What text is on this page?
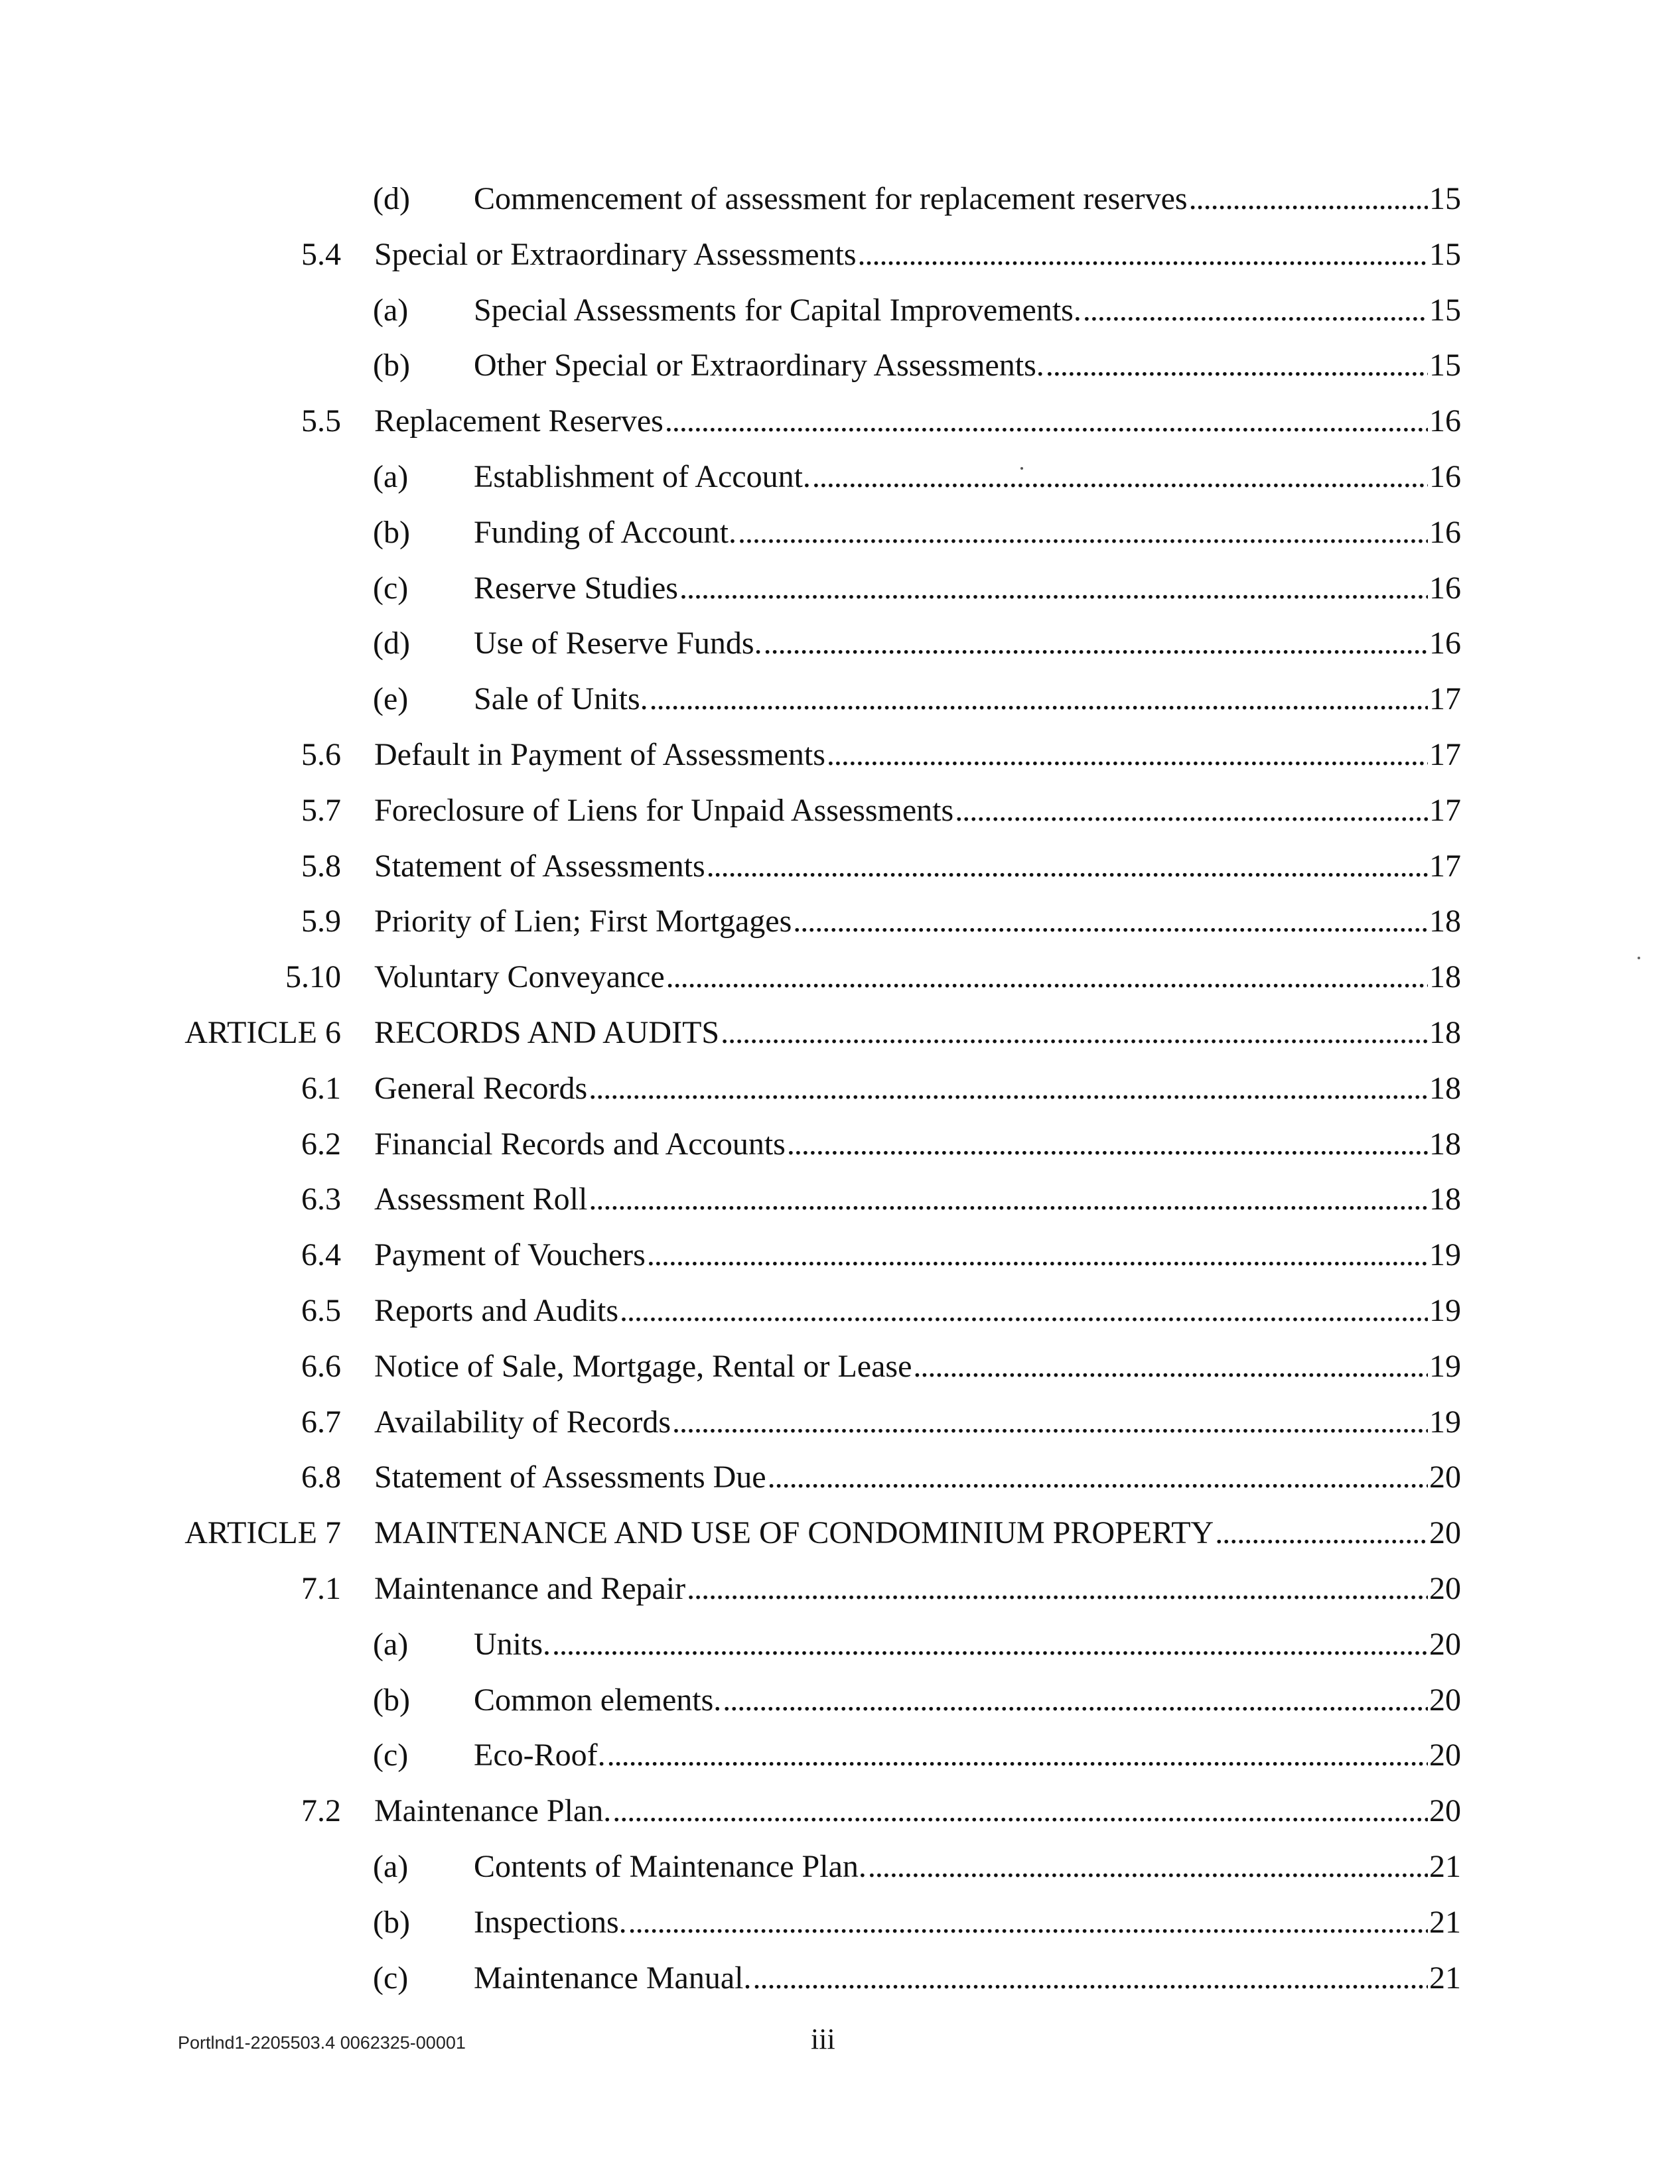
(d) Commencement of assessment for replacement reserves . . .	15
5.4 Special or Extraordinary Assessments . . .	15
(a) Special Assessments for Capital Improvements. . . .	15
(b) Other Special or Extraordinary Assessments. . . .	15
5.5 Replacement Reserves . . .	16
(a) Establishment of Account. . . .	16
(b) Funding of Account. . . .	16
(c) Reserve Studies . . .	16
(d) Use of Reserve Funds. . . .	16
(e) Sale of Units. . . .	17
5.6 Default in Payment of Assessments . . .	17
5.7 Foreclosure of Liens for Unpaid Assessments . . .	17
5.8 Statement of Assessments . . .	17
5.9 Priority of Lien; First Mortgages . . .	18
5.10 Voluntary Conveyance . . .	18
ARTICLE 6 RECORDS AND AUDITS . . .	18
6.1 General Records . . .	18
6.2 Financial Records and Accounts . . .	18
6.3 Assessment Roll . . .	18
6.4 Payment of Vouchers . . .	19
6.5 Reports and Audits . . .	19
6.6 Notice of Sale, Mortgage, Rental or Lease . . .	19
6.7 Availability of Records . . .	19
6.8 Statement of Assessments Due . . .	20
ARTICLE 7 MAINTENANCE AND USE OF CONDOMINIUM PROPERTY . . .	20
7.1 Maintenance and Repair . . .	20
(a) Units. . . .	20
(b) Common elements. . . .	20
(c) Eco-Roof. . . .	20
7.2 Maintenance Plan. . . .	20
(a) Contents of Maintenance Plan. . . .	21
(b) Inspections. . . .	21
(c) Maintenance Manual. . . .	21
Portlnd1-2205503.4 0062325-00001	iii
